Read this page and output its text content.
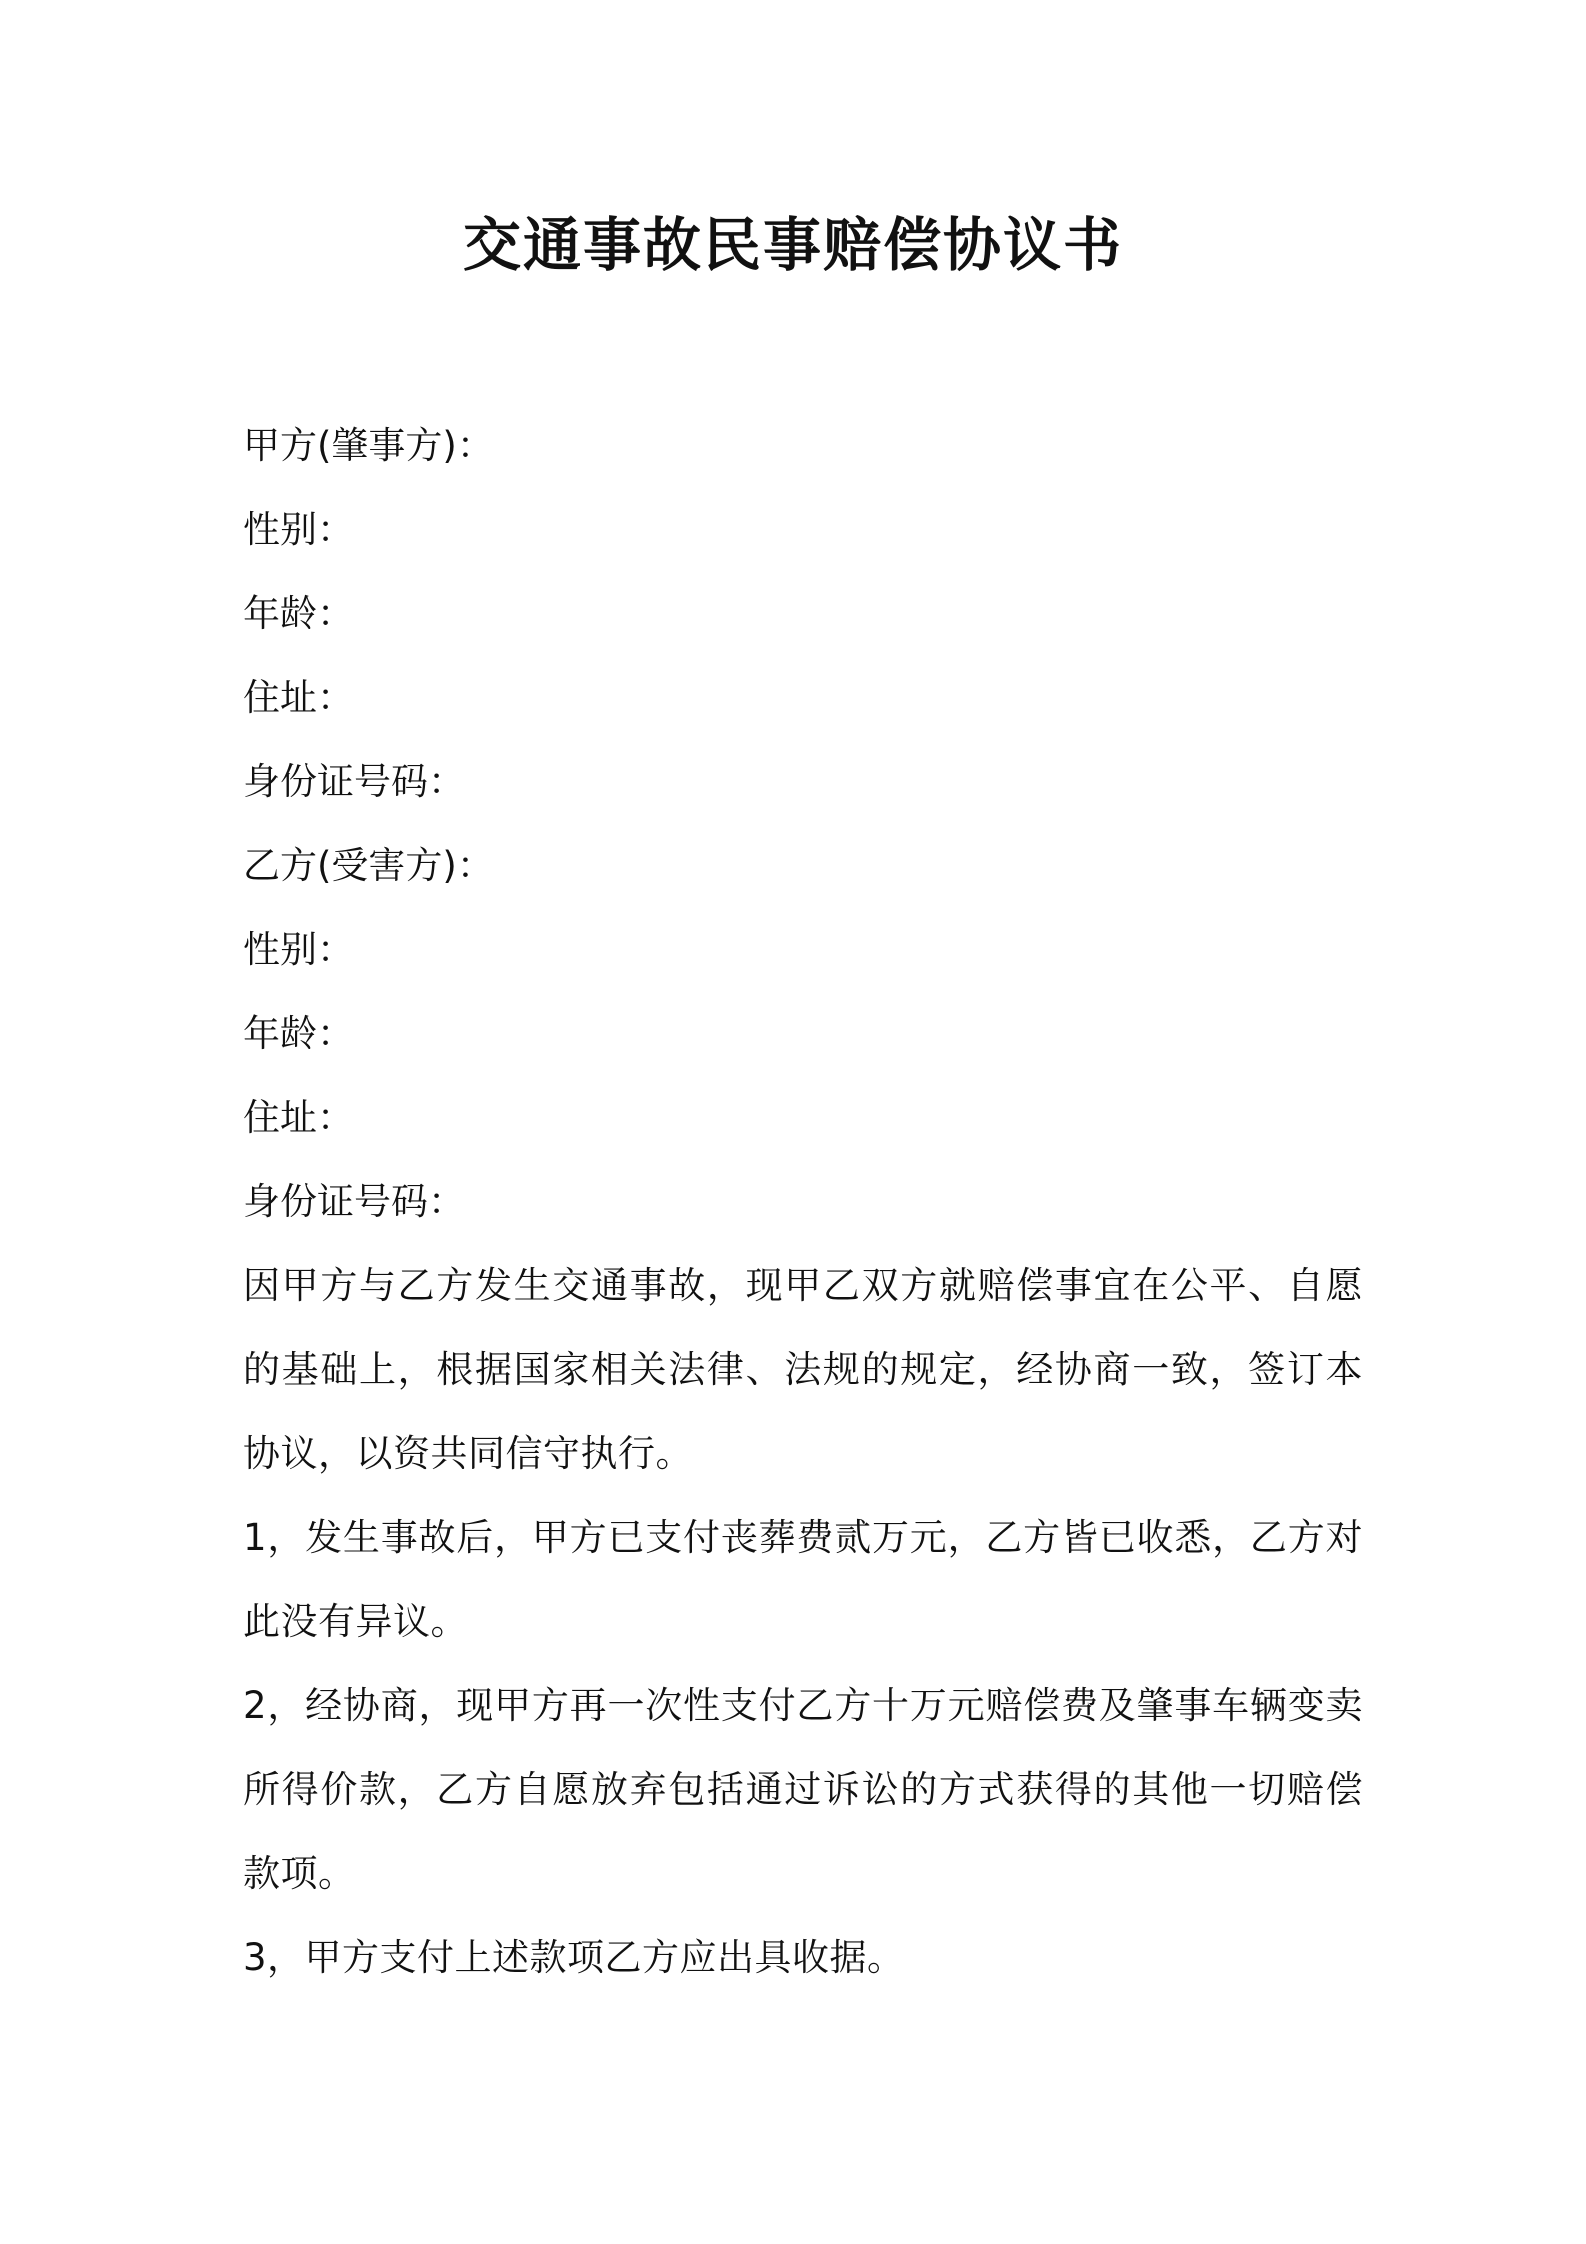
交通事故民事赔偿协议书
甲方(肇事方)：
性别：
年龄：
住址：
身份证号码：
乙方(受害方)：
性别：
年龄：
住址：
身份证号码：

因甲方与乙方发生交通事故，现甲乙双方就赔偿事宜在公平、自愿的基础上，根据国家相关法律、法规的规定，经协商一致，签订本协议，以资共同信守执行。

1，发生事故后，甲方已支付丧葬费贰万元，乙方皆已收悉，乙方对此没有异议。

2，经协商，现甲方再一次性支付乙方十万元赔偿费及肇事车辆变卖所得价款，乙方自愿放弃包括通过诉讼的方式获得的其他一切赔偿款项。

3，甲方支付上述款项乙方应出具收据。
